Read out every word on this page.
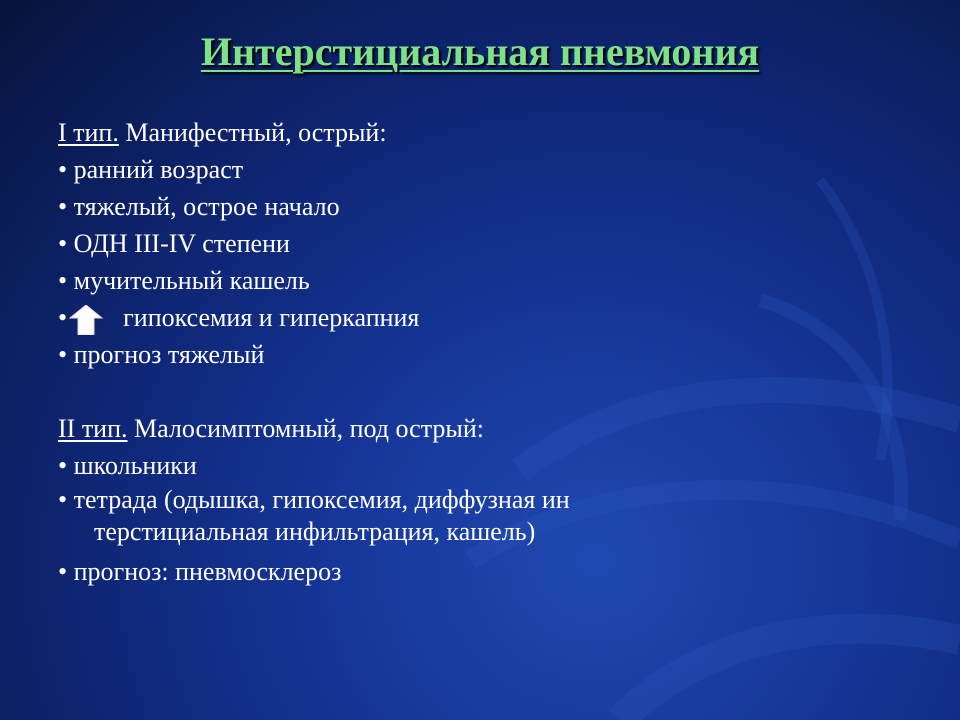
Интерстициальная пневмония
I тип. Манифестный, острый:
• ранний возраст
• тяжелый, острое начало
• ОДН III-IV степени
• мучительный кашель
• гипоксемия и гиперкапния
• прогноз тяжелый
II тип. Малосимптомный, под острый:
• школьники
• тетрада (одышка, гипоксемия, диффузная ин
терстициальная инфильтрация, кашель)
• прогноз: пневмосклероз
